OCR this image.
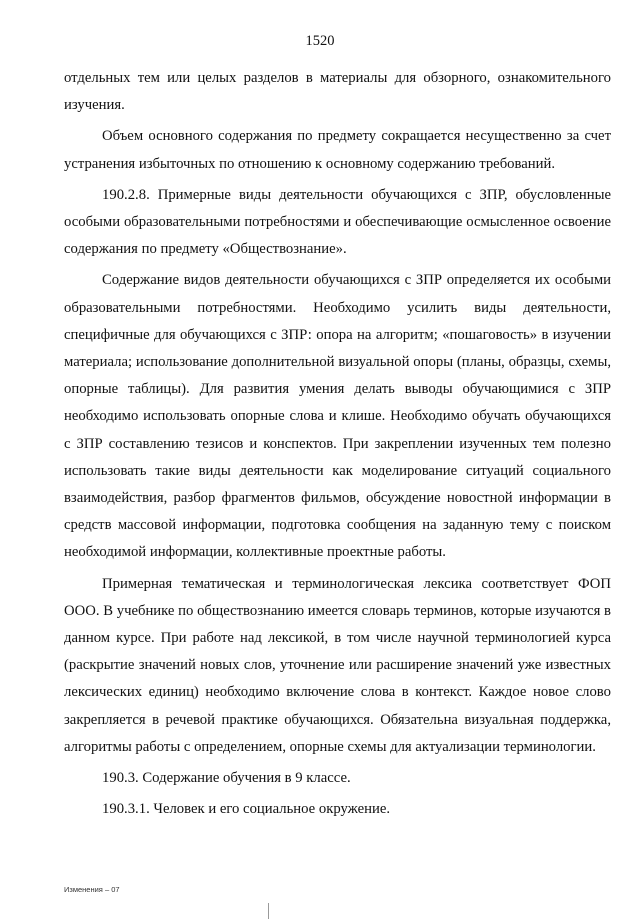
1520

отдельных тем или целых разделов в материалы для обзорного, ознакомительного изучения.

Объем основного содержания по предмету сокращается несущественно за счет устранения избыточных по отношению к основному содержанию требований.

190.2.8. Примерные виды деятельности обучающихся с ЗПР, обусловленные особыми образовательными потребностями и обеспечивающие осмысленное освоение содержания по предмету «Обществознание».

Содержание видов деятельности обучающихся с ЗПР определяется их особыми образовательными потребностями. Необходимо усилить виды деятельности, специфичные для обучающихся с ЗПР: опора на алгоритм; «пошаговость» в изучении материала; использование дополнительной визуальной опоры (планы, образцы, схемы, опорные таблицы). Для развития умения делать выводы обучающимися с ЗПР необходимо использовать опорные слова и клише. Необходимо обучать обучающихся с ЗПР составлению тезисов и конспектов. При закреплении изученных тем полезно использовать такие виды деятельности как моделирование ситуаций социального взаимодействия, разбор фрагментов фильмов, обсуждение новостной информации в средств массовой информации, подготовка сообщения на заданную тему с поиском необходимой информации, коллективные проектные работы.

Примерная тематическая и терминологическая лексика соответствует ФОП ООО. В учебнике по обществознанию имеется словарь терминов, которые изучаются в данном курсе. При работе над лексикой, в том числе научной терминологией курса (раскрытие значений новых слов, уточнение или расширение значений уже известных лексических единиц) необходимо включение слова в контекст. Каждое новое слово закрепляется в речевой практике обучающихся. Обязательна визуальная поддержка, алгоритмы работы с определением, опорные схемы для актуализации терминологии.

190.3. Содержание обучения в 9 классе.

190.3.1. Человек и его социальное окружение.

Изменения – 07
